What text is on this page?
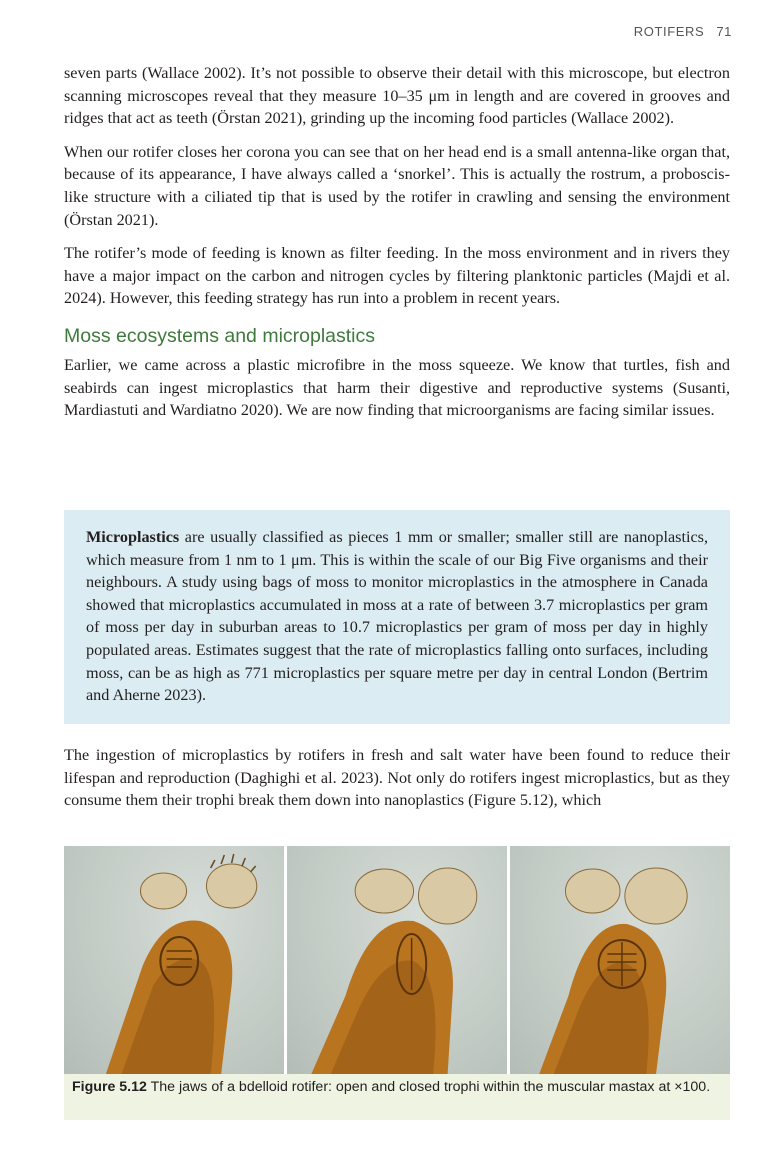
ROTIFERS 71

seven parts (Wallace 2002). It’s not possible to observe their detail with this microscope, but electron scanning microscopes reveal that they measure 10–35 μm in length and are covered in grooves and ridges that act as teeth (Örstan 2021), grinding up the incoming food particles (Wallace 2002).

When our rotifer closes her corona you can see that on her head end is a small antenna-like organ that, because of its appearance, I have always called a ‘snorkel’. This is actually the rostrum, a proboscis-like structure with a ciliated tip that is used by the rotifer in crawling and sensing the environment (Örstan 2021).

The rotifer’s mode of feeding is known as filter feeding. In the moss environment and in rivers they have a major impact on the carbon and nitrogen cycles by filtering planktonic particles (Majdi et al. 2024). However, this feeding strategy has run into a problem in recent years.

Moss ecosystems and microplastics

Earlier, we came across a plastic microfibre in the moss squeeze. We know that turtles, fish and seabirds can ingest microplastics that harm their digestive and reproductive systems (Susanti, Mardiastuti and Wardiatno 2020). We are now finding that microorganisms are facing similar issues.

Microplastics are usually classified as pieces 1 mm or smaller; smaller still are nanoplastics, which measure from 1 nm to 1 μm. This is within the scale of our Big Five organisms and their neighbours. A study using bags of moss to monitor microplastics in the atmosphere in Canada showed that microplastics accumulated in moss at a rate of between 3.7 microplastics per gram of moss per day in suburban areas to 10.7 microplastics per gram of moss per day in highly populated areas. Estimates suggest that the rate of microplastics falling onto surfaces, including moss, can be as high as 771 microplastics per square metre per day in central London (Bertrim and Aherne 2023).

The ingestion of microplastics by rotifers in fresh and salt water have been found to reduce their lifespan and reproduction (Daghighi et al. 2023). Not only do rotifers ingest microplastics, but as they consume them their trophi break them down into nanoplastics (Figure 5.12), which

Figure 5.12 The jaws of a bdelloid rotifer: open and closed trophi within the muscular mastax at ×100.
